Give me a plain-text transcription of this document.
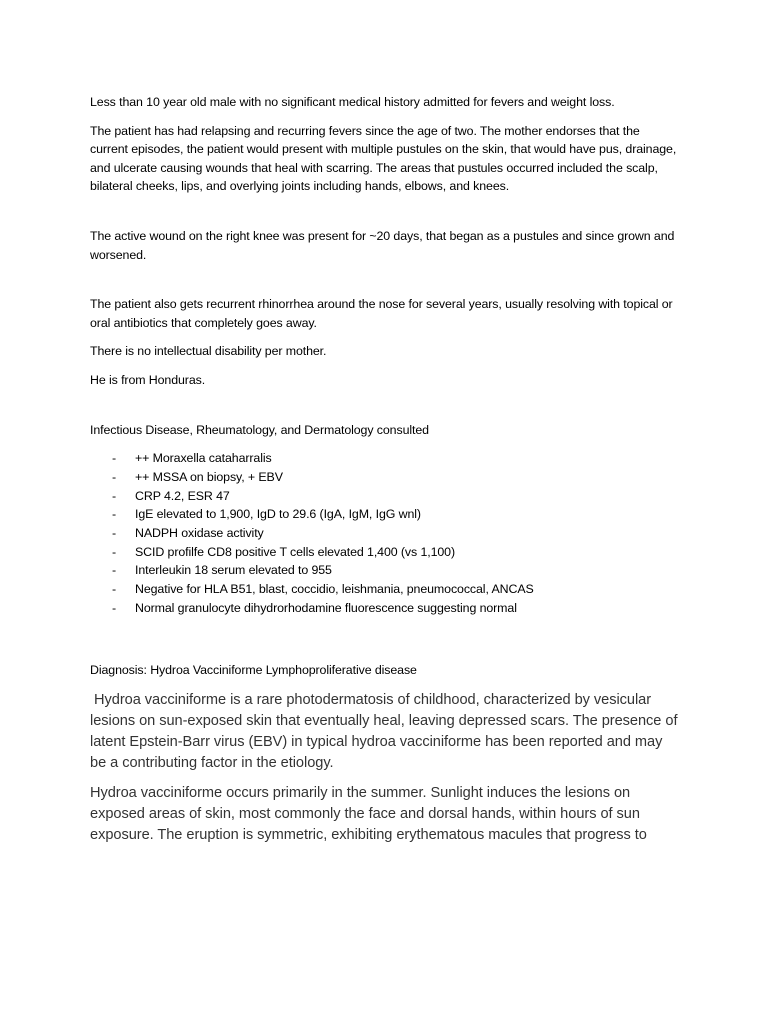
Less than 10 year old male with no significant medical history admitted for fevers and weight loss.

The patient has had relapsing and recurring fevers since the age of two. The mother endorses that the current episodes, the patient would present with multiple pustules on the skin, that would have pus, drainage, and ulcerate causing wounds that heal with scarring. The areas that pustules occurred included the scalp, bilateral cheeks, lips, and overlying joints including hands, elbows, and knees.

The active wound on the right knee was present for ~20 days, that began as a pustules and since grown and worsened.

The patient also gets recurrent rhinorrhea around the nose for several years, usually resolving with topical or oral antibiotics that completely goes away.

There is no intellectual disability per mother.

He is from Honduras.

Infectious Disease, Rheumatology, and Dermatology consulted

- ++ Moraxella cataharralis
- ++ MSSA on biopsy, + EBV
- CRP 4.2, ESR 47
- IgE elevated to 1,900, IgD to 29.6 (IgA, IgM, IgG wnl)
- NADPH oxidase activity
- SCID profilfe CD8 positive T cells elevated 1,400 (vs 1,100)
- Interleukin 18 serum elevated to 955
- Negative for HLA B51, blast, coccidio, leishmania, pneumococcal, ANCAS
- Normal granulocyte dihydrorhodamine fluorescence suggesting normal

Diagnosis: Hydroa Vacciniforme Lymphoproliferative disease

Hydroa vacciniforme is a rare photodermatosis of childhood, characterized by vesicular lesions on sun-exposed skin that eventually heal, leaving depressed scars. The presence of latent Epstein-Barr virus (EBV) in typical hydroa vacciniforme has been reported and may be a contributing factor in the etiology.

Hydroa vacciniforme occurs primarily in the summer. Sunlight induces the lesions on exposed areas of skin, most commonly the face and dorsal hands, within hours of sun exposure. The eruption is symmetric, exhibiting erythematous macules that progress to
